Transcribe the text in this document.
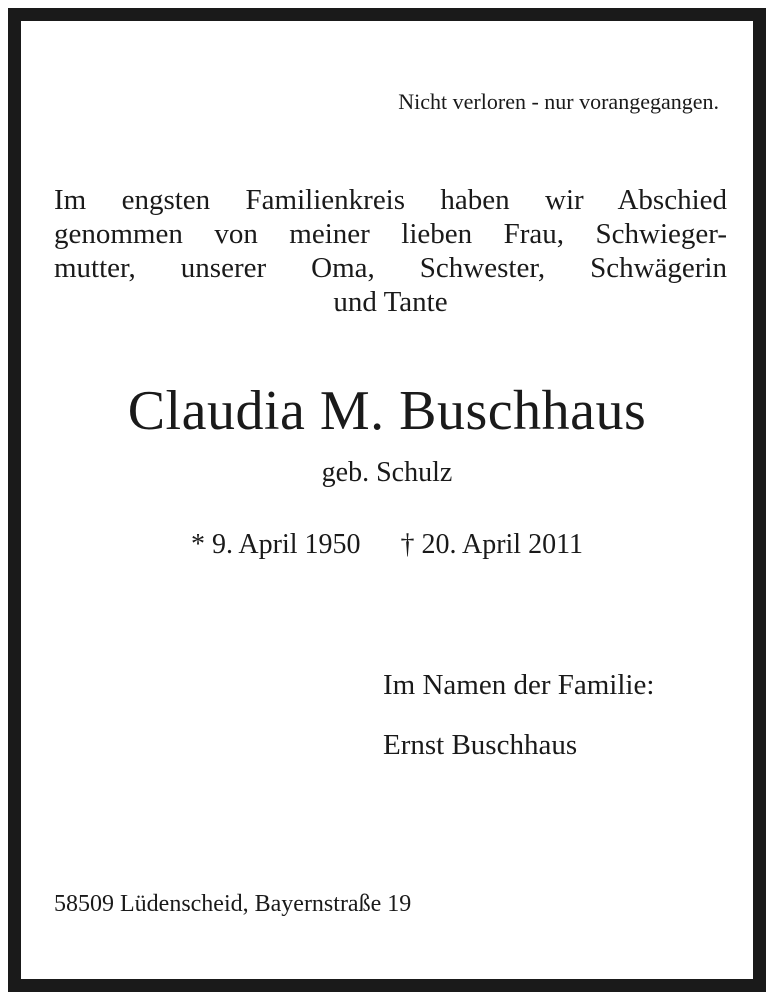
Nicht verloren - nur vorangegangen.
Im engsten Familienkreis haben wir Abschied
genommen von meiner lieben Frau, Schwieger-
mutter, unserer Oma, Schwester, Schwägerin
und Tante
Claudia M. Buschhaus
geb. Schulz
* 9. April 1950 † 20. April 2011
Im Namen der Familie:
Ernst Buschhaus
58509 Lüdenscheid, Bayernstraße 19
